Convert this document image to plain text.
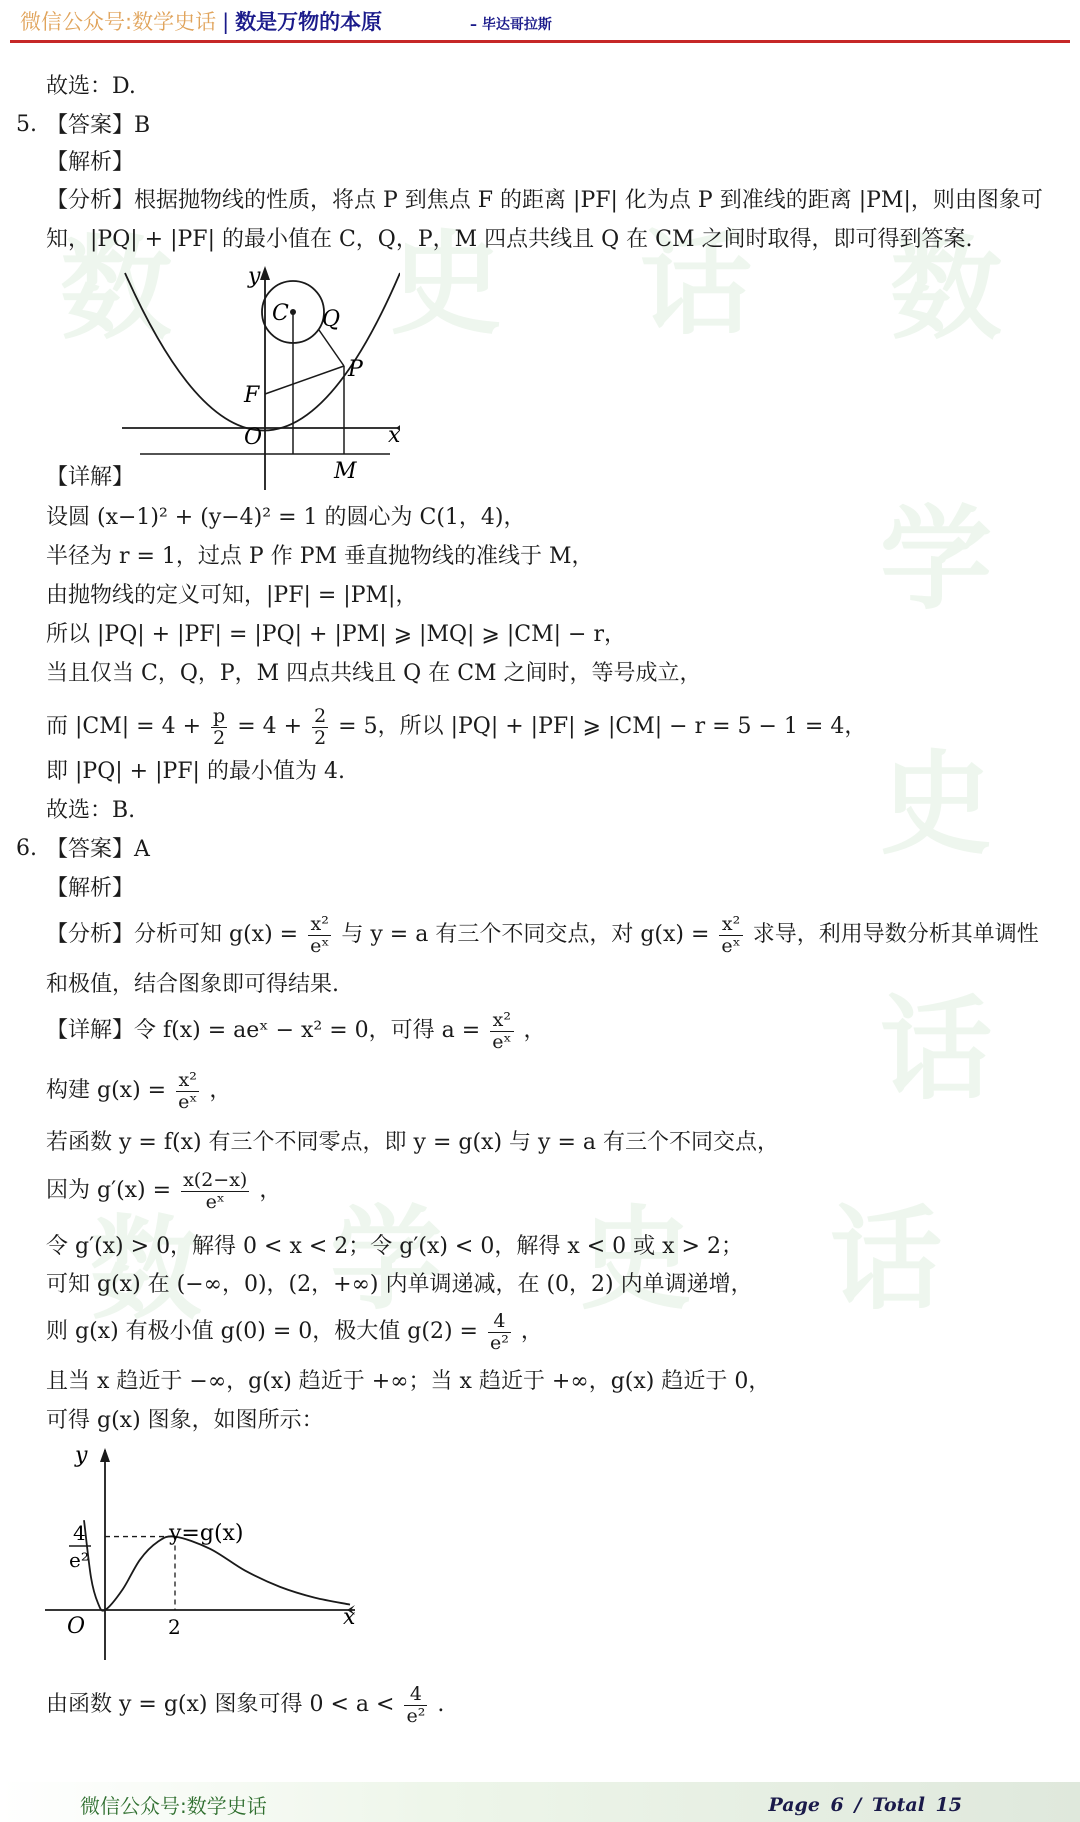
数 史 话 数
学
史
话
数 学 史 话
微信公众号:数学史话 | 数是万物的本原	– 毕达哥拉斯
故选：D.
5. 【答案】B
【解析】
【分析】根据抛物线的性质，将点 P 到焦点 F 的距离 |PF| 化为点 P 到准线的距离 |PM|，则由图象可
知，|PQ| + |PF| 的最小值在 C，Q，P，M 四点共线且 Q 在 CM 之间时取得，即可得到答案.
y
C Q
P
F
O	x
M
【详解】
设圆 (x−1)² + (y−4)² = 1 的圆心为 C(1，4)，
半径为 r = 1，过点 P 作 PM 垂直抛物线的准线于 M，
由抛物线的定义可知，|PF| = |PM|，
所以 |PQ| + |PF| = |PQ| + |PM| ⩾ |MQ| ⩾ |CM| − r，
当且仅当 C，Q，P，M 四点共线且 Q 在 CM 之间时，等号成立，
而 $|CM| = 4 + \frac{p}{2} = 4 + \frac{2}{2} = 5$，所以 |PQ| + |PF| ⩾ |CM| − r = 5 − 1 = 4，
即 |PQ| + |PF| 的最小值为 4.
故选：B.
6. 【答案】A
【解析】
【分析】分析可知 $g(x) = \frac{\text{x²}}{\text{eˣ}}$ 与 y = a 有三个不同交点，对 $g(x) = \frac{\text{x²}}{\text{eˣ}}$ 求导，利用导数分析其单调性
和极值，结合图象即可得结果.
【详解】令 f(x) = aeˣ − x² = 0，可得 $a = \frac{\text{x²}}{\text{eˣ}}$ ，
构建 $g(x) = \frac{\text{x²}}{\text{eˣ}}$ ，
若函数 y = f(x) 有三个不同零点，即 y = g(x) 与 y = a 有三个不同交点，
因为 $g'(x) = \frac{x(2-x)}{\text{eˣ}}$ ，
令 g′(x) > 0，解得 0 < x < 2；令 g′(x) < 0，解得 x < 0 或 x > 2；
可知 g(x) 在 (−∞，0)，(2，+∞) 内单调递减，在 (0，2) 内单调递增，
则 g(x) 有极小值 g(0) = 0，极大值 $g(2) = \frac{4}{\text{e²}}$ ，
且当 x 趋近于 −∞，g(x) 趋近于 +∞；当 x 趋近于 +∞，g(x) 趋近于 0，
可得 g(x) 图象，如图所示：
y
4
e²
y=g(x)
O	2	x
由函数 y = g(x) 图象可得 $0 < a < \frac{4}{\text{e²}}$ .
微信公众号:数学史话	Page 6 / Total 15
